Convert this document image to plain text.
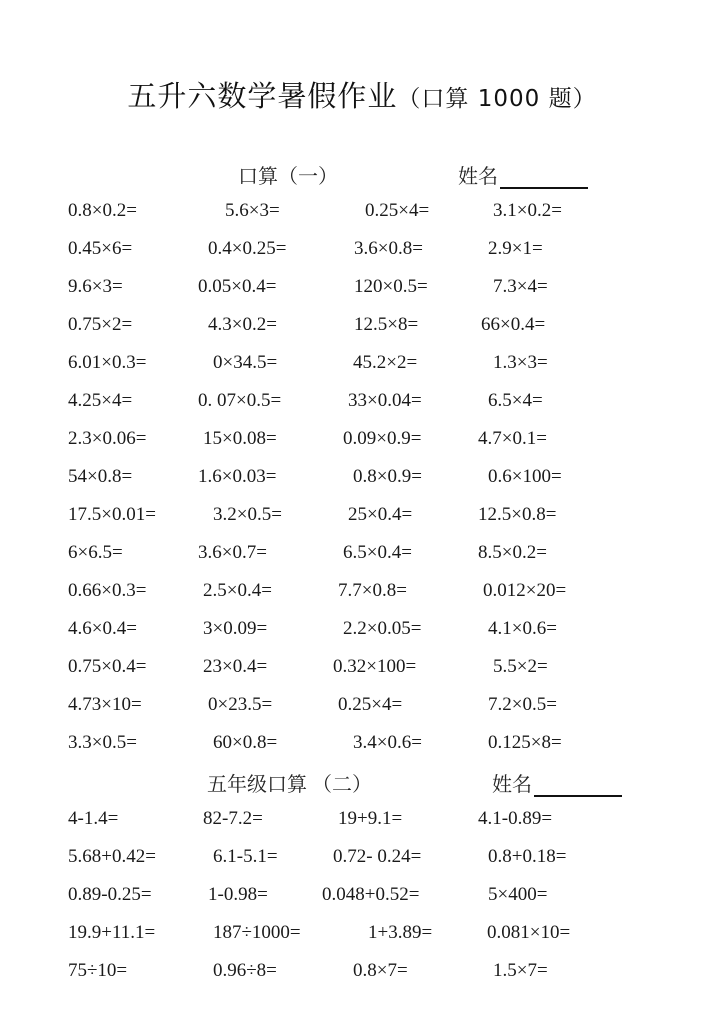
五升六数学暑假作业（口算 1000 题）
口算（一）	姓名
0.8×0.2=	5.6×3=	0.25×4=	3.1×0.2=
0.45×6=	0.4×0.25=	3.6×0.8=	2.9×1=
9.6×3=	0.05×0.4=	120×0.5=	7.3×4=
0.75×2=	4.3×0.2=	12.5×8=	66×0.4=
6.01×0.3=	0×34.5=	45.2×2=	1.3×3=
4.25×4=	0. 07×0.5=	33×0.04=	6.5×4=
2.3×0.06=	15×0.08=	0.09×0.9=	4.7×0.1=
54×0.8=	1.6×0.03=	0.8×0.9=	0.6×100=
17.5×0.01=	3.2×0.5=	25×0.4=	12.5×0.8=
6×6.5=	3.6×0.7=	6.5×0.4=	8.5×0.2=
0.66×0.3=	2.5×0.4=	7.7×0.8=	0.012×20=
4.6×0.4=	3×0.09=	2.2×0.05=	4.1×0.6=
0.75×0.4=	23×0.4=	0.32×100=	5.5×2=
4.73×10=	0×23.5=	0.25×4=	7.2×0.5=
3.3×0.5=	60×0.8=	3.4×0.6=	0.125×8=
五年级口算 （二）	姓名
4-1.4=	82-7.2=	19+9.1=	4.1-0.89=
5.68+0.42=	6.1-5.1=	0.72- 0.24=	0.8+0.18=
0.89-0.25=	1-0.98=	0.048+0.52=	5×400=
19.9+11.1=	187÷1000=	1+3.89=	0.081×10=
75÷10=	0.96÷8=	0.8×7=	1.5×7=
